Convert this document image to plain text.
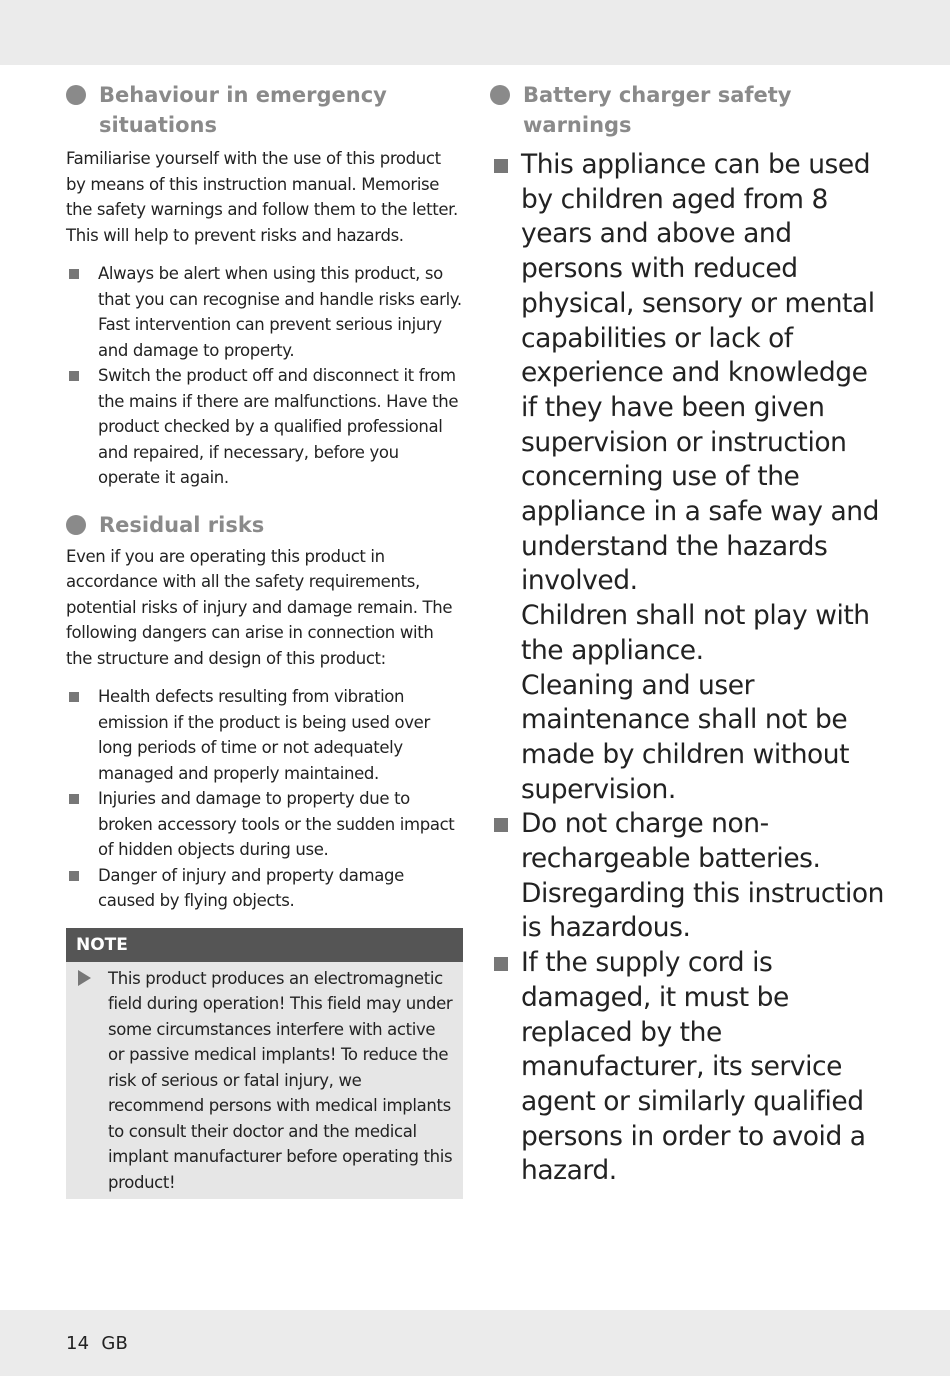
Behaviour in emergency situations

Familiarise yourself with the use of this product by means of this instruction manual. Memorise the safety warnings and follow them to the letter. This will help to prevent risks and hazards.

Always be alert when using this product, so that you can recognise and handle risks early. Fast intervention can prevent serious injury and damage to property.
Switch the product off and disconnect it from the mains if there are malfunctions. Have the product checked by a qualified professional and repaired, if necessary, before you operate it again.
Residual risks

Even if you are operating this product in accordance with all the safety requirements, potential risks of injury and damage remain. The following dangers can arise in connection with the structure and design of this product:

Health defects resulting from vibration emission if the product is being used over long periods of time or not adequately managed and properly maintained.
Injuries and damage to property due to broken accessory tools or the sudden impact of hidden objects during use.
Danger of injury and property damage caused by flying objects.
NOTE
This product produces an electromagnetic field during operation! This field may under some circumstances interfere with active or passive medical implants! To reduce the risk of serious or fatal injury, we recommend persons with medical implants to consult their doctor and the medical implant manufacturer before operating this product!
Battery charger safety warnings
This appliance can be used by children aged from 8 years and above and persons with reduced physical, sensory or mental capabilities or lack of experience and knowledge if they have been given supervision or instruction concerning use of the appliance in a safe way and understand the hazards involved.
Children shall not play with the appliance.
Cleaning and user maintenance shall not be made by children without supervision.
Do not charge non-rechargeable batteries.
Disregarding this instruction is hazardous.
If the supply cord is damaged, it must be replaced by the manufacturer, its service agent or similarly qualified persons in order to avoid a hazard.
14 GB
